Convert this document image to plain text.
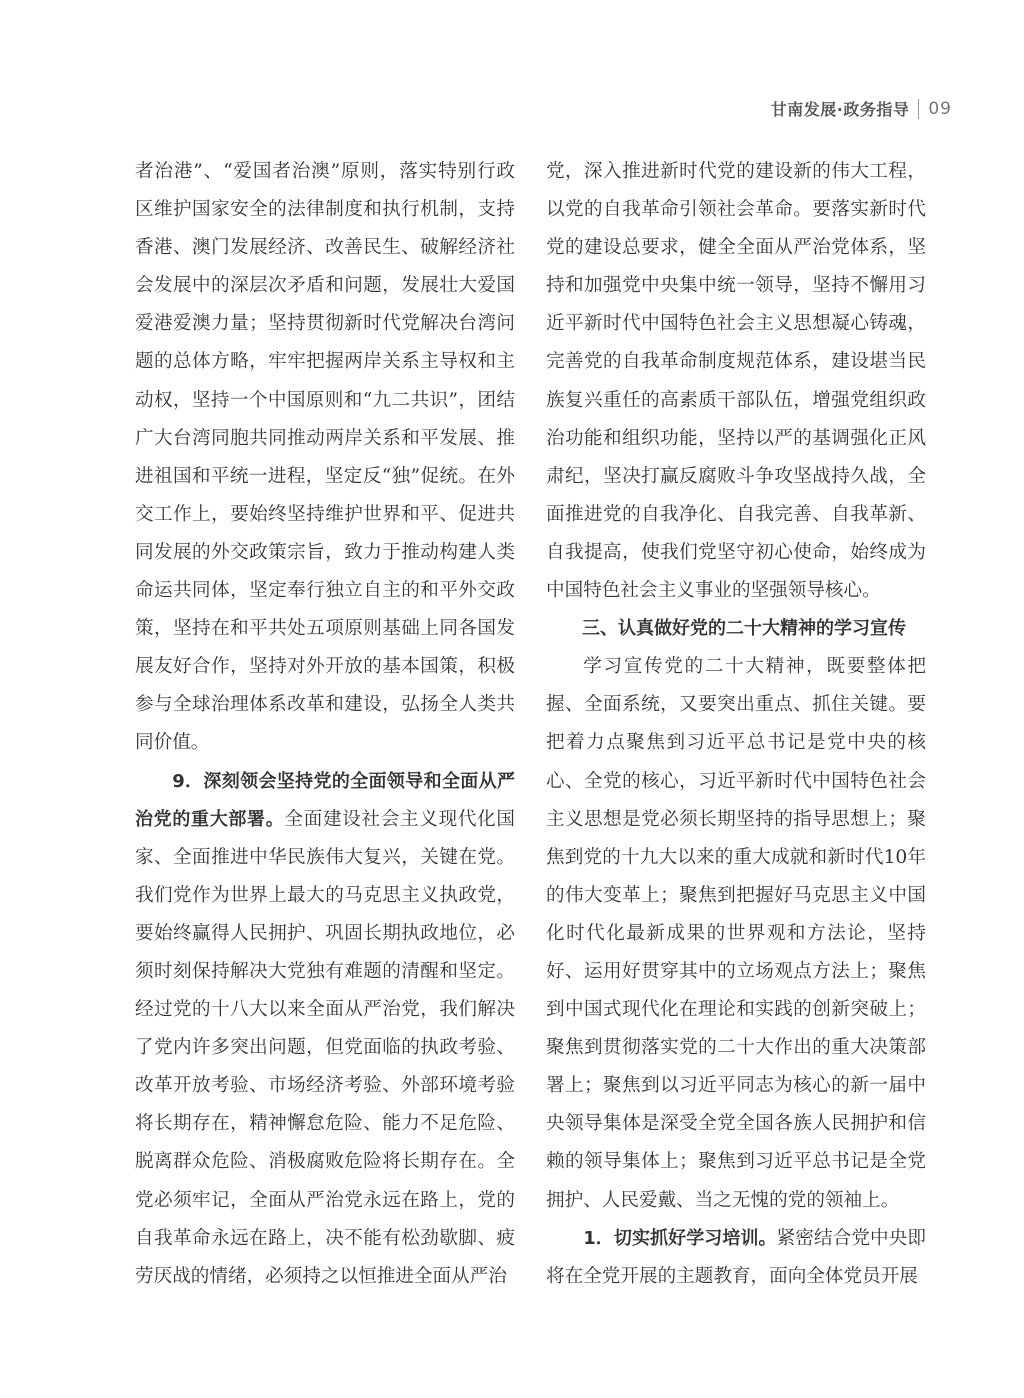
甘南发展·政务指导 09

者治港”、“爱国者治澳”原则，落实特别行政区维护国家安全的法律制度和执行机制，支持香港、澳门发展经济、改善民生、破解经济社会发展中的深层次矛盾和问题，发展壮大爱国爱港爱澳力量；坚持贯彻新时代党解决台湾问题的总体方略，牢牢把握两岸关系主导权和主动权，坚持一个中国原则和“九二共识”，团结广大台湾同胞共同推动两岸关系和平发展、推进祖国和平统一进程，坚定反“独”促统。在外交工作上，要始终坚持维护世界和平、促进共同发展的外交政策宗旨，致力于推动构建人类命运共同体，坚定奉行独立自主的和平外交政策，坚持在和平共处五项原则基础上同各国发展友好合作，坚持对外开放的基本国策，积极参与全球治理体系改革和建设，弘扬全人类共同价值。

9．深刻领会坚持党的全面领导和全面从严治党的重大部署。全面建设社会主义现代化国家、全面推进中华民族伟大复兴，关键在党。我们党作为世界上最大的马克思主义执政党，要始终赢得人民拥护、巩固长期执政地位，必须时刻保持解决大党独有难题的清醒和坚定。经过党的十八大以来全面从严治党，我们解决了党内许多突出问题，但党面临的执政考验、改革开放考验、市场经济考验、外部环境考验将长期存在，精神懈怠危险、能力不足危险、脱离群众危险、消极腐败危险将长期存在。全党必须牢记，全面从严治党永远在路上，党的自我革命永远在路上，决不能有松劲歇脚、疲劳厌战的情绪，必须持之以恒推进全面从严治

党，深入推进新时代党的建设新的伟大工程，以党的自我革命引领社会革命。要落实新时代党的建设总要求，健全全面从严治党体系，坚持和加强党中央集中统一领导，坚持不懈用习近平新时代中国特色社会主义思想凝心铸魂，完善党的自我革命制度规范体系，建设堪当民族复兴重任的高素质干部队伍，增强党组织政治功能和组织功能，坚持以严的基调强化正风肃纪，坚决打赢反腐败斗争攻坚战持久战，全面推进党的自我净化、自我完善、自我革新、自我提高，使我们党坚守初心使命，始终成为中国特色社会主义事业的坚强领导核心。

三、认真做好党的二十大精神的学习宣传

学习宣传党的二十大精神，既要整体把握、全面系统，又要突出重点、抓住关键。要把着力点聚焦到习近平总书记是党中央的核心、全党的核心，习近平新时代中国特色社会主义思想是党必须长期坚持的指导思想上；聚焦到党的十九大以来的重大成就和新时代10年的伟大变革上；聚焦到把握好马克思主义中国化时代化最新成果的世界观和方法论，坚持好、运用好贯穿其中的立场观点方法上；聚焦到中国式现代化在理论和实践的创新突破上；聚焦到贯彻落实党的二十大作出的重大决策部署上；聚焦到以习近平同志为核心的新一届中央领导集体是深受全党全国各族人民拥护和信赖的领导集体上；聚焦到习近平总书记是全党拥护、人民爱戴、当之无愧的党的领袖上。

1．切实抓好学习培训。紧密结合党中央即将在全党开展的主题教育，面向全体党员开展
